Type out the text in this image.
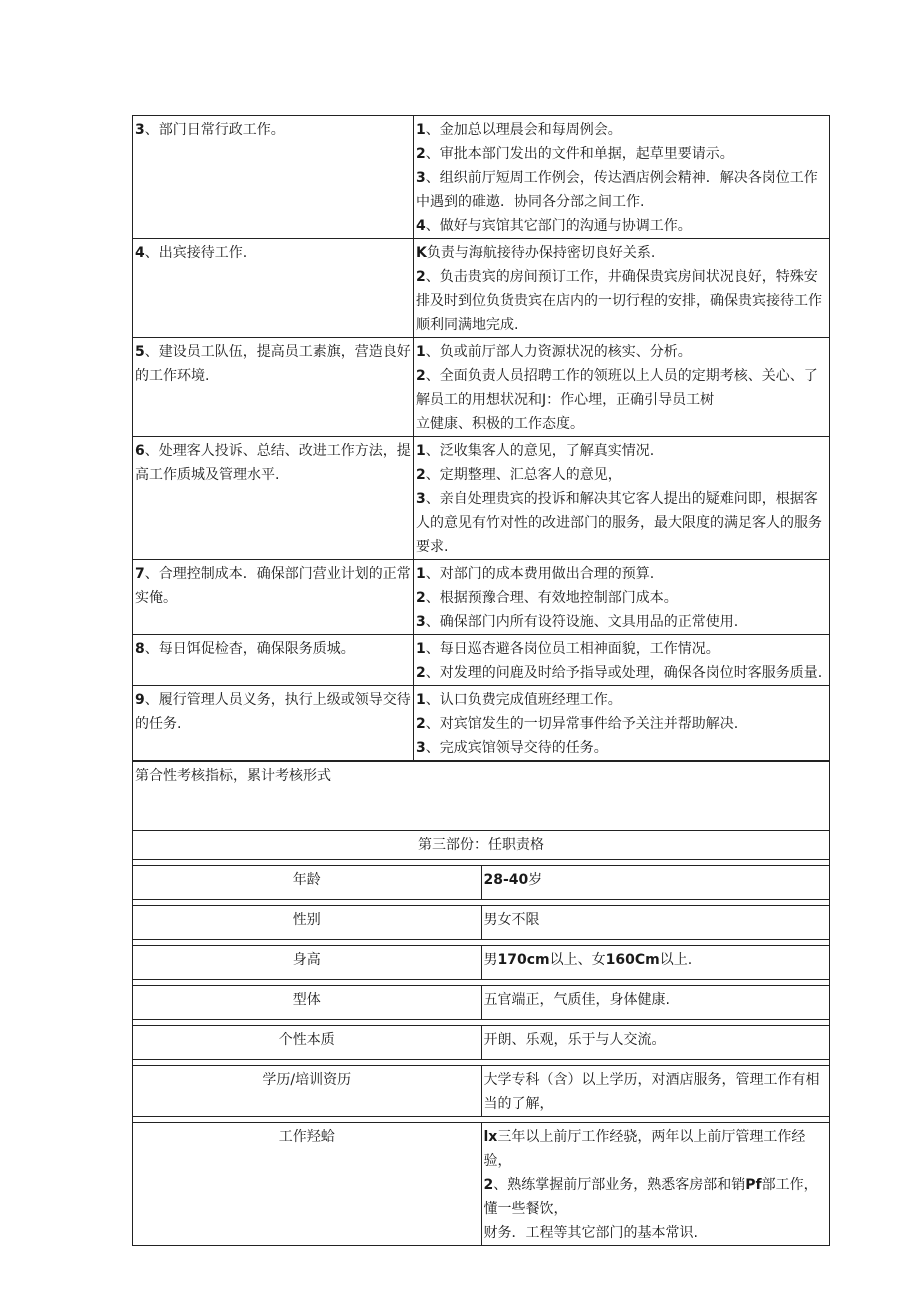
3、部门日常行政工作。	1、金加总以理晨会和每周例会。
2、审批本部门发出的文件和单据，起草里要请示。
3、组织前厅短周工作例会，传达酒店例会精神．解决各岗位工作中遇到的碓遨．协同各分部之间工作.
4、做好与宾馆其它部门的沟通与协调工作。

4、出宾接待工作.	K负责与海航接待办保持密切良好关系.
2、负击贵宾的房间预订工作，井确保贵宾房间状况良好，特殊安排及时到位负货贵宾在店内的一切行程的安排，确保贵宾接待工作顺利同满地完成.

5、建设员工队伍，提高员工素旗，营造良好的工作环境.	1、负或前厅部人力资源状况的核实、分析。
2、全面负责人员招聘工作的领班以上人员的定期考核、关心、了解员工的用想状况和J：作心埋，正确引导员工树
立健康、积极的工作态度。

6、处理客人投诉、总结、改进工作方法，提高工作质城及管理水平.	1、泛收集客人的意见，了解真实情况.
2、定期整理、汇总客人的意见，
3、亲自处理贵宾的投诉和解决其它客人提出的疑难问即，根据客人的意见有竹对性的改进部门的服务，最大限度的满足客人的服务要求.

7、合理控制成本．确保部门营业计划的正常实俺。	1、对部门的成本费用做出合理的预算.
2、根据预豫合理、有效地控制部门成本。
3、确保部门内所有设符设施、文具用品的正常使用.

8、每日饵促检杳，确保限务质城。	1、每日巡杏避各岗位员工相神面貌，工作情况。
2、对发理的问鹿及时给予指导或处理，确保各岗位时客服务质量.

9、履行管理人员义务，执行上级或领导交待的任务.	1、认口负费完成值班经理工作。
2、对宾馆发生的一切异常事件给予关注并帮助解决.
3、完成宾馆领导交待的任务。
第合性考核指标，累计考核形式
第三部份：任职责格

年龄	28-40岁

性别	男女不限

身高	男170cm以上、女160Cm以上.

型体	五官端正，气质佳，身体健康.

个性本质	开朗、乐观，乐于与人交流。

学历/培训资历	大学专科（含）以上学历，对酒店服务，管理工作有相当的了解，

工作羟蛤	lx三年以上前厅工作经骁，两年以上前厅管理工作经验，
2、熟练掌握前厅部业务，熟悉客房部和销Pf部工作，懂一些餐饮，
财务．工程等其它部门的基本常识.
